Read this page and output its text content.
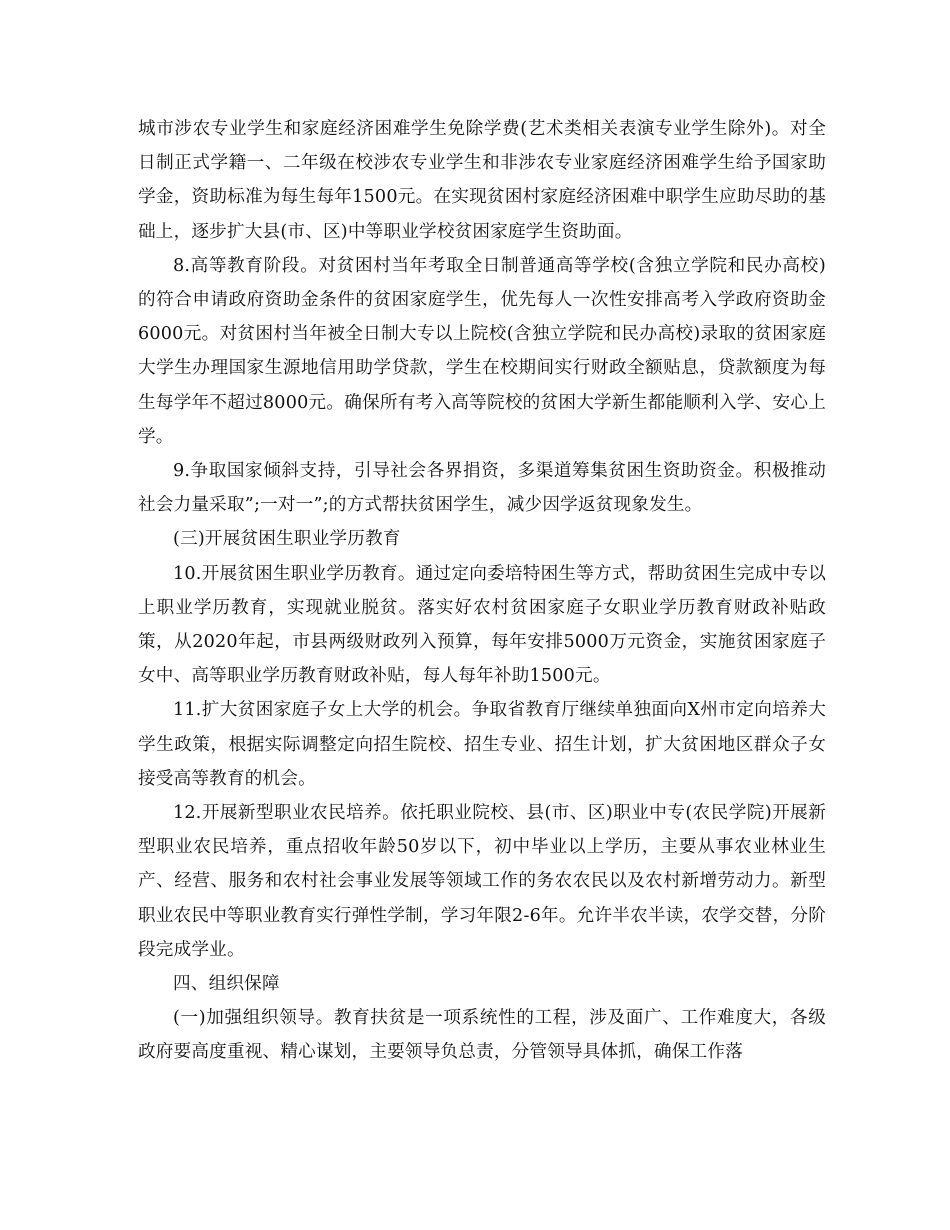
城市涉农专业学生和家庭经济困难学生免除学费(艺术类相关表演专业学生除外)。对全日制正式学籍一、二年级在校涉农专业学生和非涉农专业家庭经济困难学生给予国家助学金，资助标准为每生每年1500元。在实现贫困村家庭经济困难中职学生应助尽助的基础上，逐步扩大县(市、区)中等职业学校贫困家庭学生资助面。

8.高等教育阶段。对贫困村当年考取全日制普通高等学校(含独立学院和民办高校)的符合申请政府资助金条件的贫困家庭学生，优先每人一次性安排高考入学政府资助金6000元。对贫困村当年被全日制大专以上院校(含独立学院和民办高校)录取的贫困家庭大学生办理国家生源地信用助学贷款，学生在校期间实行财政全额贴息，贷款额度为每生每学年不超过8000元。确保所有考入高等院校的贫困大学新生都能顺利入学、安心上学。

9.争取国家倾斜支持，引导社会各界捐资，多渠道筹集贫困生资助资金。积极推动社会力量采取”;一对一”;的方式帮扶贫困学生，减少因学返贫现象发生。

(三)开展贫困生职业学历教育

10.开展贫困生职业学历教育。通过定向委培特困生等方式，帮助贫困生完成中专以上职业学历教育，实现就业脱贫。落实好农村贫困家庭子女职业学历教育财政补贴政策，从2020年起，市县两级财政列入预算，每年安排5000万元资金，实施贫困家庭子女中、高等职业学历教育财政补贴，每人每年补助1500元。

11.扩大贫困家庭子女上大学的机会。争取省教育厅继续单独面向X州市定向培养大学生政策，根据实际调整定向招生院校、招生专业、招生计划，扩大贫困地区群众子女接受高等教育的机会。

12.开展新型职业农民培养。依托职业院校、县(市、区)职业中专(农民学院)开展新型职业农民培养，重点招收年龄50岁以下，初中毕业以上学历，主要从事农业林业生产、经营、服务和农村社会事业发展等领域工作的务农农民以及农村新增劳动力。新型职业农民中等职业教育实行弹性学制，学习年限2-6年。允许半农半读，农学交替，分阶段完成学业。

四、组织保障

(一)加强组织领导。教育扶贫是一项系统性的工程，涉及面广、工作难度大，各级政府要高度重视、精心谋划，主要领导负总责，分管领导具体抓，确保工作落
